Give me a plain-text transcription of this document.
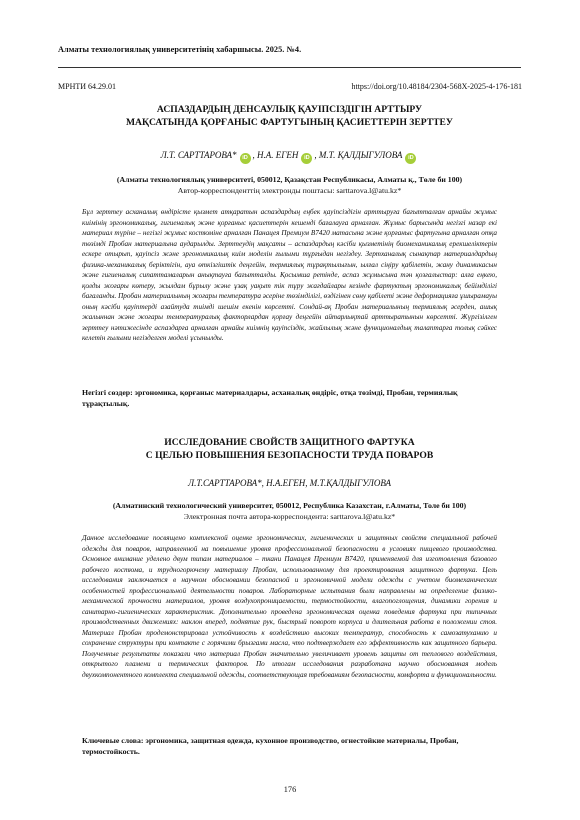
Алматы технологиялық университетінің хабаршысы. 2025. №4.
МРНТИ 64.29.01	https://doi.org/10.48184/2304-568X-2025-4-176-181
АСПАЗДАРДЫҢ ДЕНСАУЛЫҚ ҚАУІПСІЗДІГІН АРТТЫРУ
МАҚСАТЫНДА ҚОРҒАНЫС ФАРТУГЫНЫҢ ҚАСИЕТТЕРІН ЗЕРТТЕУ
Л.Т. САРТТАРОВА* iD , Н.А. ЕГЕН iD , М.Т. ҚАЛДЫГУЛОВА iD
(Алматы технологиялық университеті, 050012, Қазақстан Республикасы, Алматы қ., Төле би 100)
Автор-корреспонденттің электронды поштасы: sarttarova.l@atu.kz*
Бұл зерттеу асханалық өндірісте қызмет атқаратын аспаздардың еңбек қауіпсіздігін арттыруға бағытталған арнайы жұмыс киімінің эргономикалық, гигиеналық және қорғаныс қасиеттерін кешенді бағалауға арналған. Жұмыс барысында негізгі назар екі материал түріне – негізгі жұмыс костюміне арналған Панацея Премиум В7420 матасына және қорғаныс фартугына арналған отқа төзімді Пробан материалына аударылды. Зерттеудің мақсаты – аспаздардың кәсіби қызметінің биомеханикалық ерекшеліктерін ескере отырып, қауіпсіз және эргономикалық киім моделін ғылыми тұрғыдан негіздеу. Зертханалық сынақтар материалдардың физика-механикалық беріктігін, ауа өткізгіштік деңгейін, термиялық тұрақтылығын, ылғал сіңіру қабілетін, жану динамикасын және гигиеналық сипаттамаларын анықтауға бағытталды. Қосымша ретінде, аспаз жұмысына тән қозғалыстар: алға еңкею, қолды жоғары көтеру, жылдам бұрылу және ұзақ уақыт тік тұру жағдайлары кезінде фартуктың эргономикалық бейімділігі бағаланды. Пробан материалының жоғары температура әсеріне төзімділігі, өздігінен сөну қабілеті және деформацияға ұшырамауы оның кәсіби қауіптерді азайтуда тиімді шешім екенін көрсетті. Сондай-ақ Пробан материалының термиялық әсерден, ашық жалыннан және жоғары температуралық факторлардан қорғау деңгейін айтарлықтай арттыратынын көрсетті. Жүргізілген зерттеу нәтижесінде аспаздарға арналған арнайы киімнің қауіпсіздік, жайлылық және функционалдық талаптарға толық сәйкес келетін ғылыми негізделген моделі ұсынылды.
Негізгі сөздер: эргономика, қорғаныс материалдары, асханалық өндіріс, отқа төзімді, Пробан, термиялық тұрақтылық.
ИССЛЕДОВАНИЕ СВОЙСТВ ЗАЩИТНОГО ФАРТУКА
С ЦЕЛЬЮ ПОВЫШЕНИЯ БЕЗОПАСНОСТИ ТРУДА ПОВАРОВ
Л.Т.САРТТАРОВА*, Н.А.ЕГЕН, М.Т.ҚАЛДЫГУЛОВА
(Алматинский технологический университет, 050012, Республика Казахстан, г.Алматы, Толе би 100)
Электронная почта автора-корреспондента: sarttarova.l@atu.kz*
Данное исследование посвящено комплексной оценке эргономических, гигиенических и защитных свойств специальной рабочей одежды для поваров, направленной на повышение уровня профессиональной безопасности в условиях пищевого производства. Основное внимание уделено двум типам материалов – ткани Панацея Премиум В7420, применяемой для изготовления базового рабочего костюма, и трудногорючему материалу Пробан, использованному для проектирования защитного фартука. Цель исследования заключается в научном обосновании безопасной и эргономичной модели одежды с учетом биомеханических особенностей профессиональной деятельности поваров. Лабораторные испытания были направлены на определение физико-механической прочности материалов, уровня воздухопроницаемости, термостойкости, влагопоглощения, динамики горения и санитарно-гигиенических характеристик. Дополнительно проведена эргономическая оценка поведения фартука при типичных производственных движениях: наклон вперед, поднятие рук, быстрый поворот корпуса и длительная работа в положении стоя. Материал Пробан продемонстрировал устойчивость к воздействию высоких температур, способность к самозатуханию и сохранение структуры при контакте с горячими брызгами масла, что подтверждает его эффективность как защитного барьера. Полученные результаты показали что материал Пробан значительно увеличивает уровень защиты от теплового воздействия, открытого пламени и термических факторов. По итогам исследования разработана научно обоснованная модель двухкомпонентного комплекта специальной одежды, соответствующая требованиям безопасности, комфорта и функциональности.
Ключевые слова: эргономика, защитная одежда, кухонное производство, огнестойкие материалы, Пробан, термостойкость.
176
